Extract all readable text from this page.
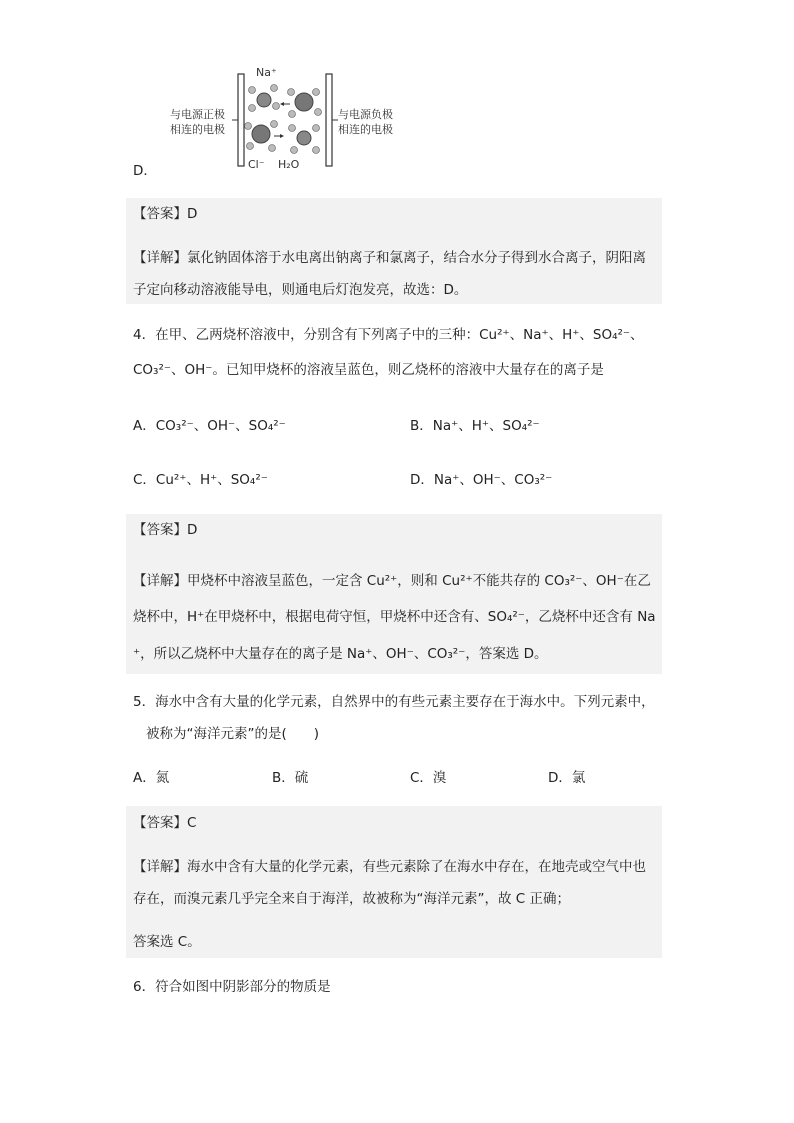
Na⁺
Cl⁻ H₂O
与电源正极
相连的电极
与电源负极
相连的电极
D．
【答案】D
【详解】氯化钠固体溶于水电离出钠离子和氯离子，结合水分子得到水合离子，阴阳离
子定向移动溶液能导电，则通电后灯泡发亮，故选：D。
4．在甲、乙两烧杯溶液中，分别含有下列离子中的三种：Cu²⁺、Na⁺、H⁺、SO₄²⁻、
CO₃²⁻、OH⁻。已知甲烧杯的溶液呈蓝色，则乙烧杯的溶液中大量存在的离子是
A．CO₃²⁻、OH⁻、SO₄²⁻	B．Na⁺、H⁺、SO₄²⁻
C．Cu²⁺、H⁺、SO₄²⁻	D．Na⁺、OH⁻、CO₃²⁻
【答案】D
【详解】甲烧杯中溶液呈蓝色，一定含 Cu²⁺，则和 Cu²⁺不能共存的 CO₃²⁻、OH⁻在乙
烧杯中，H⁺在甲烧杯中，根据电荷守恒，甲烧杯中还含有、SO₄²⁻，乙烧杯中还含有 Na
⁺，所以乙烧杯中大量存在的离子是 Na⁺、OH⁻、CO₃²⁻，答案选 D。
5．海水中含有大量的化学元素，自然界中的有些元素主要存在于海水中。下列元素中，
被称为“海洋元素”的是(　　)
A．氮	B．硫	C．溴	D．氯
【答案】C
【详解】海水中含有大量的化学元素，有些元素除了在海水中存在，在地壳或空气中也
存在，而溴元素几乎完全来自于海洋，故被称为“海洋元素”，故 C 正确；
答案选 C。
6．符合如图中阴影部分的物质是
